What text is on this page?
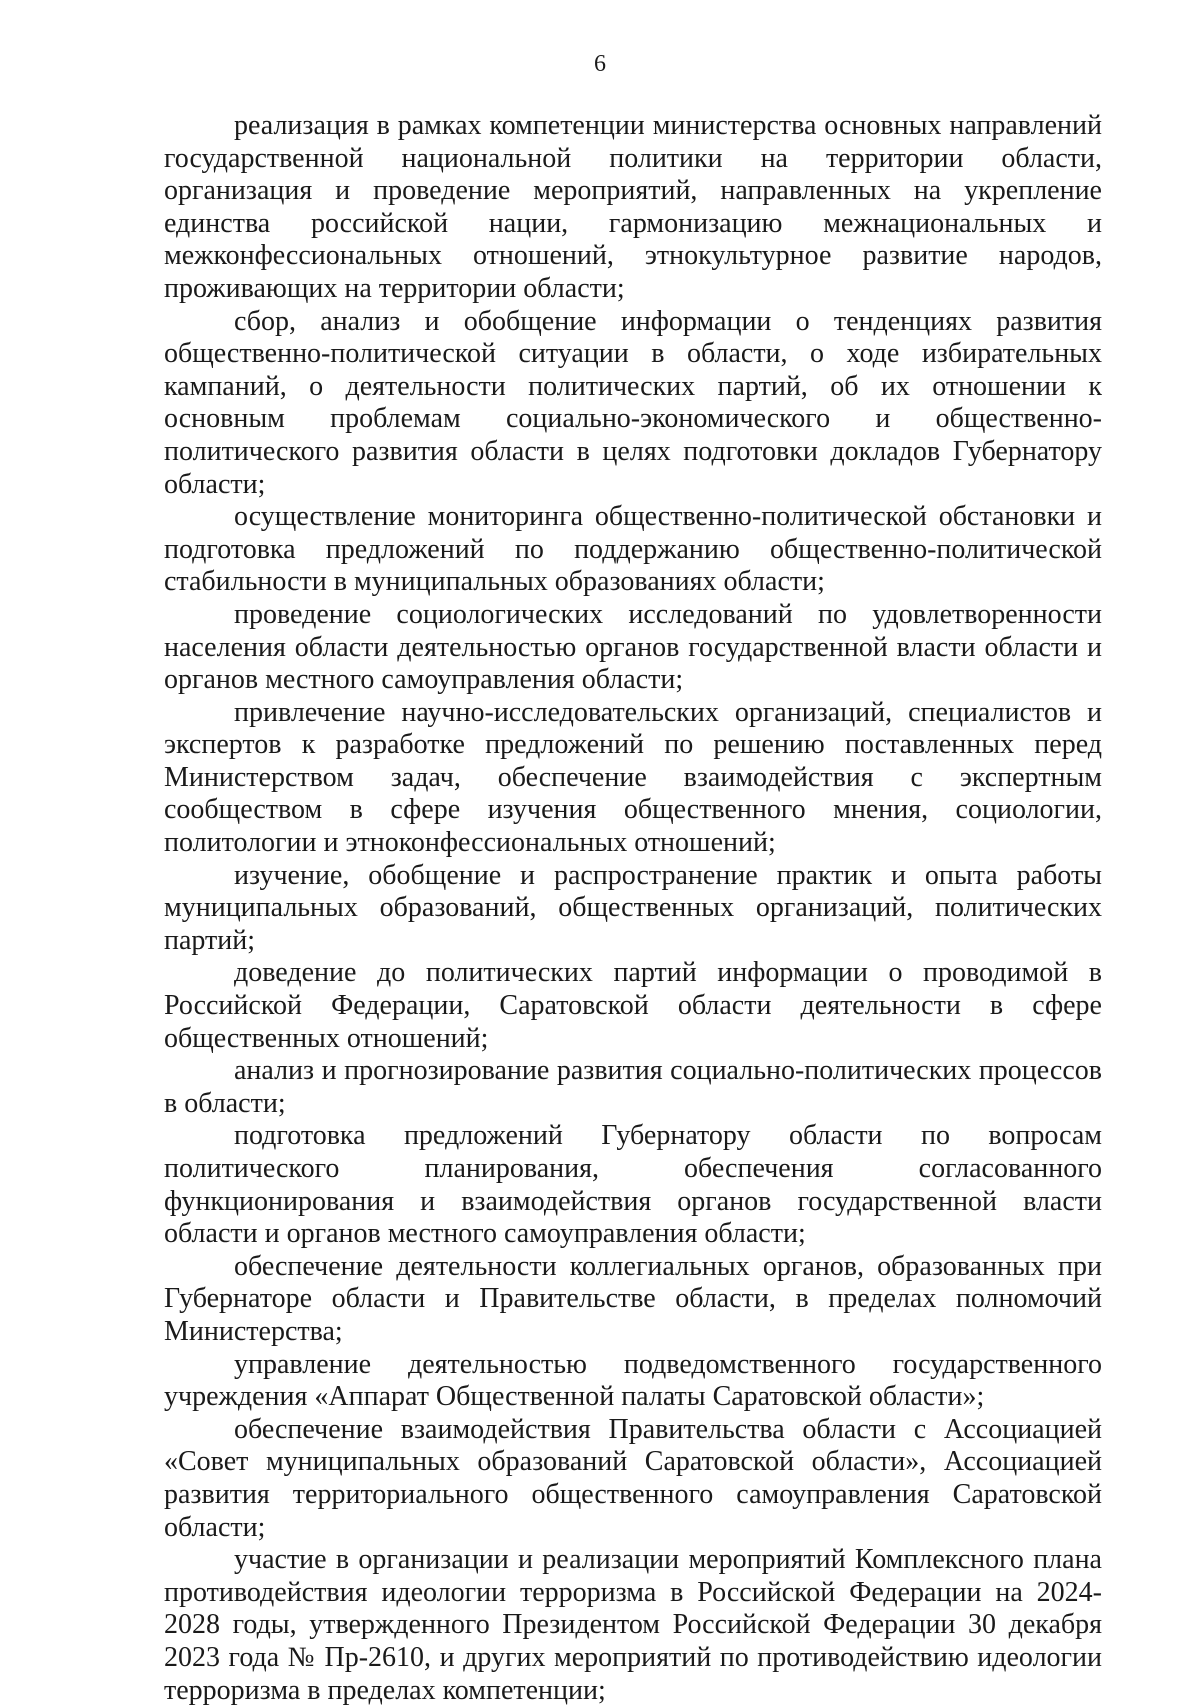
6

реализация в рамках компетенции министерства основных направлений государственной национальной политики на территории области, организация и проведение мероприятий, направленных на укрепление единства российской нации, гармонизацию межнациональных и межконфессиональных отношений, этнокультурное развитие народов, проживающих на территории области;

сбор, анализ и обобщение информации о тенденциях развития общественно-политической ситуации в области, о ходе избирательных кампаний, о деятельности политических партий, об их отношении к основным проблемам социально-экономического и общественно-политического развития области в целях подготовки докладов Губернатору области;

осуществление мониторинга общественно-политической обстановки и подготовка предложений по поддержанию общественно-политической стабильности в муниципальных образованиях области;

проведение социологических исследований по удовлетворенности населения области деятельностью органов государственной власти области и органов местного самоуправления области;

привлечение научно-исследовательских организаций, специалистов и экспертов к разработке предложений по решению поставленных перед Министерством задач, обеспечение взаимодействия с экспертным сообществом в сфере изучения общественного мнения, социологии, политологии и этноконфессиональных отношений;

изучение, обобщение и распространение практик и опыта работы муниципальных образований, общественных организаций, политических партий;

доведение до политических партий информации о проводимой в Российской Федерации, Саратовской области деятельности в сфере общественных отношений;

анализ и прогнозирование развития социально-политических процессов в области;

подготовка предложений Губернатору области по вопросам политического планирования, обеспечения согласованного функционирования и взаимодействия органов государственной власти области и органов местного самоуправления области;

обеспечение деятельности коллегиальных органов, образованных при Губернаторе области и Правительстве области, в пределах полномочий Министерства;

управление деятельностью подведомственного государственного учреждения «Аппарат Общественной палаты Саратовской области»;

обеспечение взаимодействия Правительства области с Ассоциацией «Совет муниципальных образований Саратовской области», Ассоциацией развития территориального общественного самоуправления Саратовской области;

участие в организации и реализации мероприятий Комплексного плана противодействия идеологии терроризма в Российской Федерации на 2024-2028 годы, утвержденного Президентом Российской Федерации 30 декабря 2023 года № Пр-2610, и других мероприятий по противодействию идеологии терроризма в пределах компетенции;
